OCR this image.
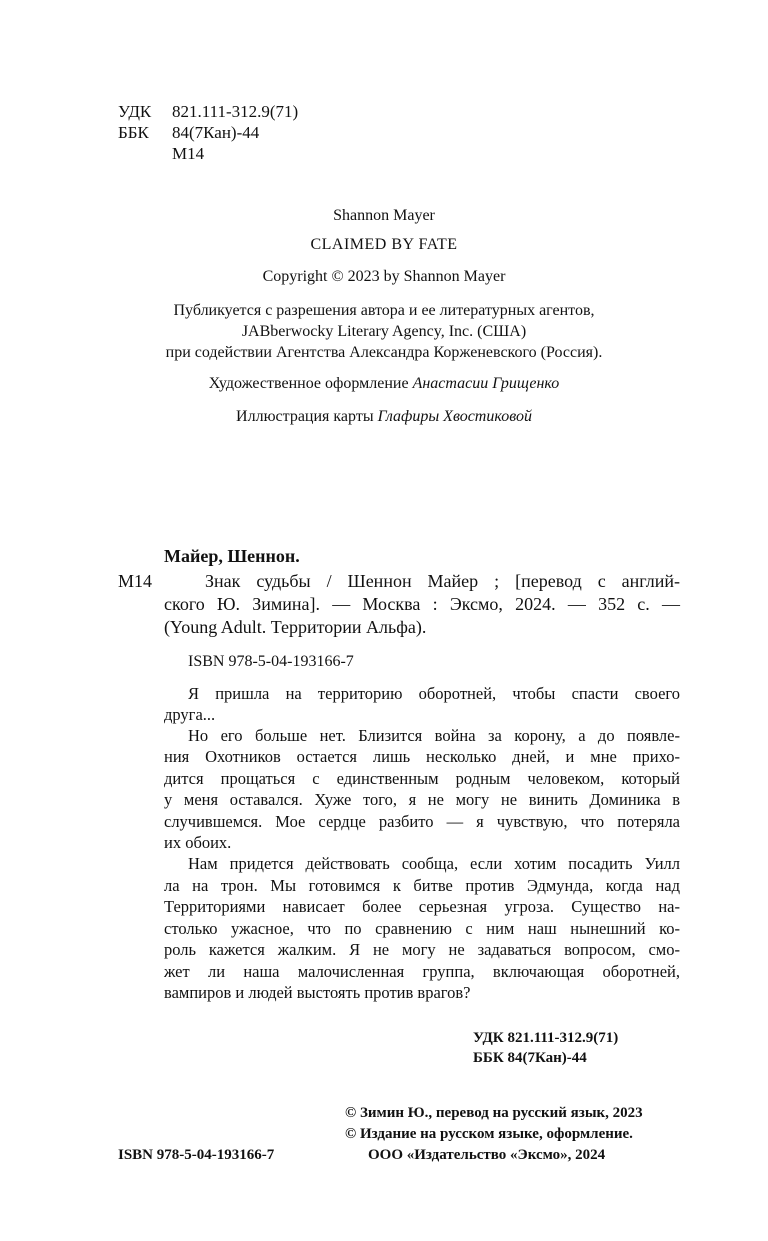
УДК 821.111-312.9(71)
ББК 84(7Кан)-44
М14
Shannon Mayer
CLAIMED BY FATE
Copyright © 2023 by Shannon Mayer
Публикуется с разрешения автора и ее литературных агентов,
JABberwocky Literary Agency, Inc. (США)
при содействии Агентства Александра Корженевского (Россия).
Художественное оформление Анастасии Грищенко
Иллюстрация карты Глафиры Хвостиковой
Майер, Шеннон.
М14	Знак судьбы / Шеннон Майер ; [перевод с англий-
ского Ю. Зимина]. — Москва : Эксмо, 2024. — 352 с. —
(Young Adult. Территории Альфа).
ISBN 978-5-04-193166-7
Я пришла на территорию оборотней, чтобы спасти своего
друга...
Но его больше нет. Близится война за корону, а до появле-
ния Охотников остается лишь несколько дней, и мне прихо-
дится прощаться с единственным родным человеком, который
у меня оставался. Хуже того, я не могу не винить Доминика в
случившемся. Мое сердце разбито — я чувствую, что потеряла
их обоих.
Нам придется действовать сообща, если хотим посадить Уилл
ла на трон. Мы готовимся к битве против Эдмунда, когда над
Территориями нависает более серьезная угроза. Существо на-
столько ужасное, что по сравнению с ним наш нынешний ко-
роль кажется жалким. Я не могу не задаваться вопросом, смо-
жет ли наша малочисленная группа, включающая оборотней,
вампиров и людей выстоять против врагов?
УДК 821.111-312.9(71)
ББК 84(7Кан)-44
© Зимин Ю., перевод на русский язык, 2023
© Издание на русском языке, оформление.
ISBN 978-5-04-193166-7	ООО «Издательство «Эксмо», 2024
